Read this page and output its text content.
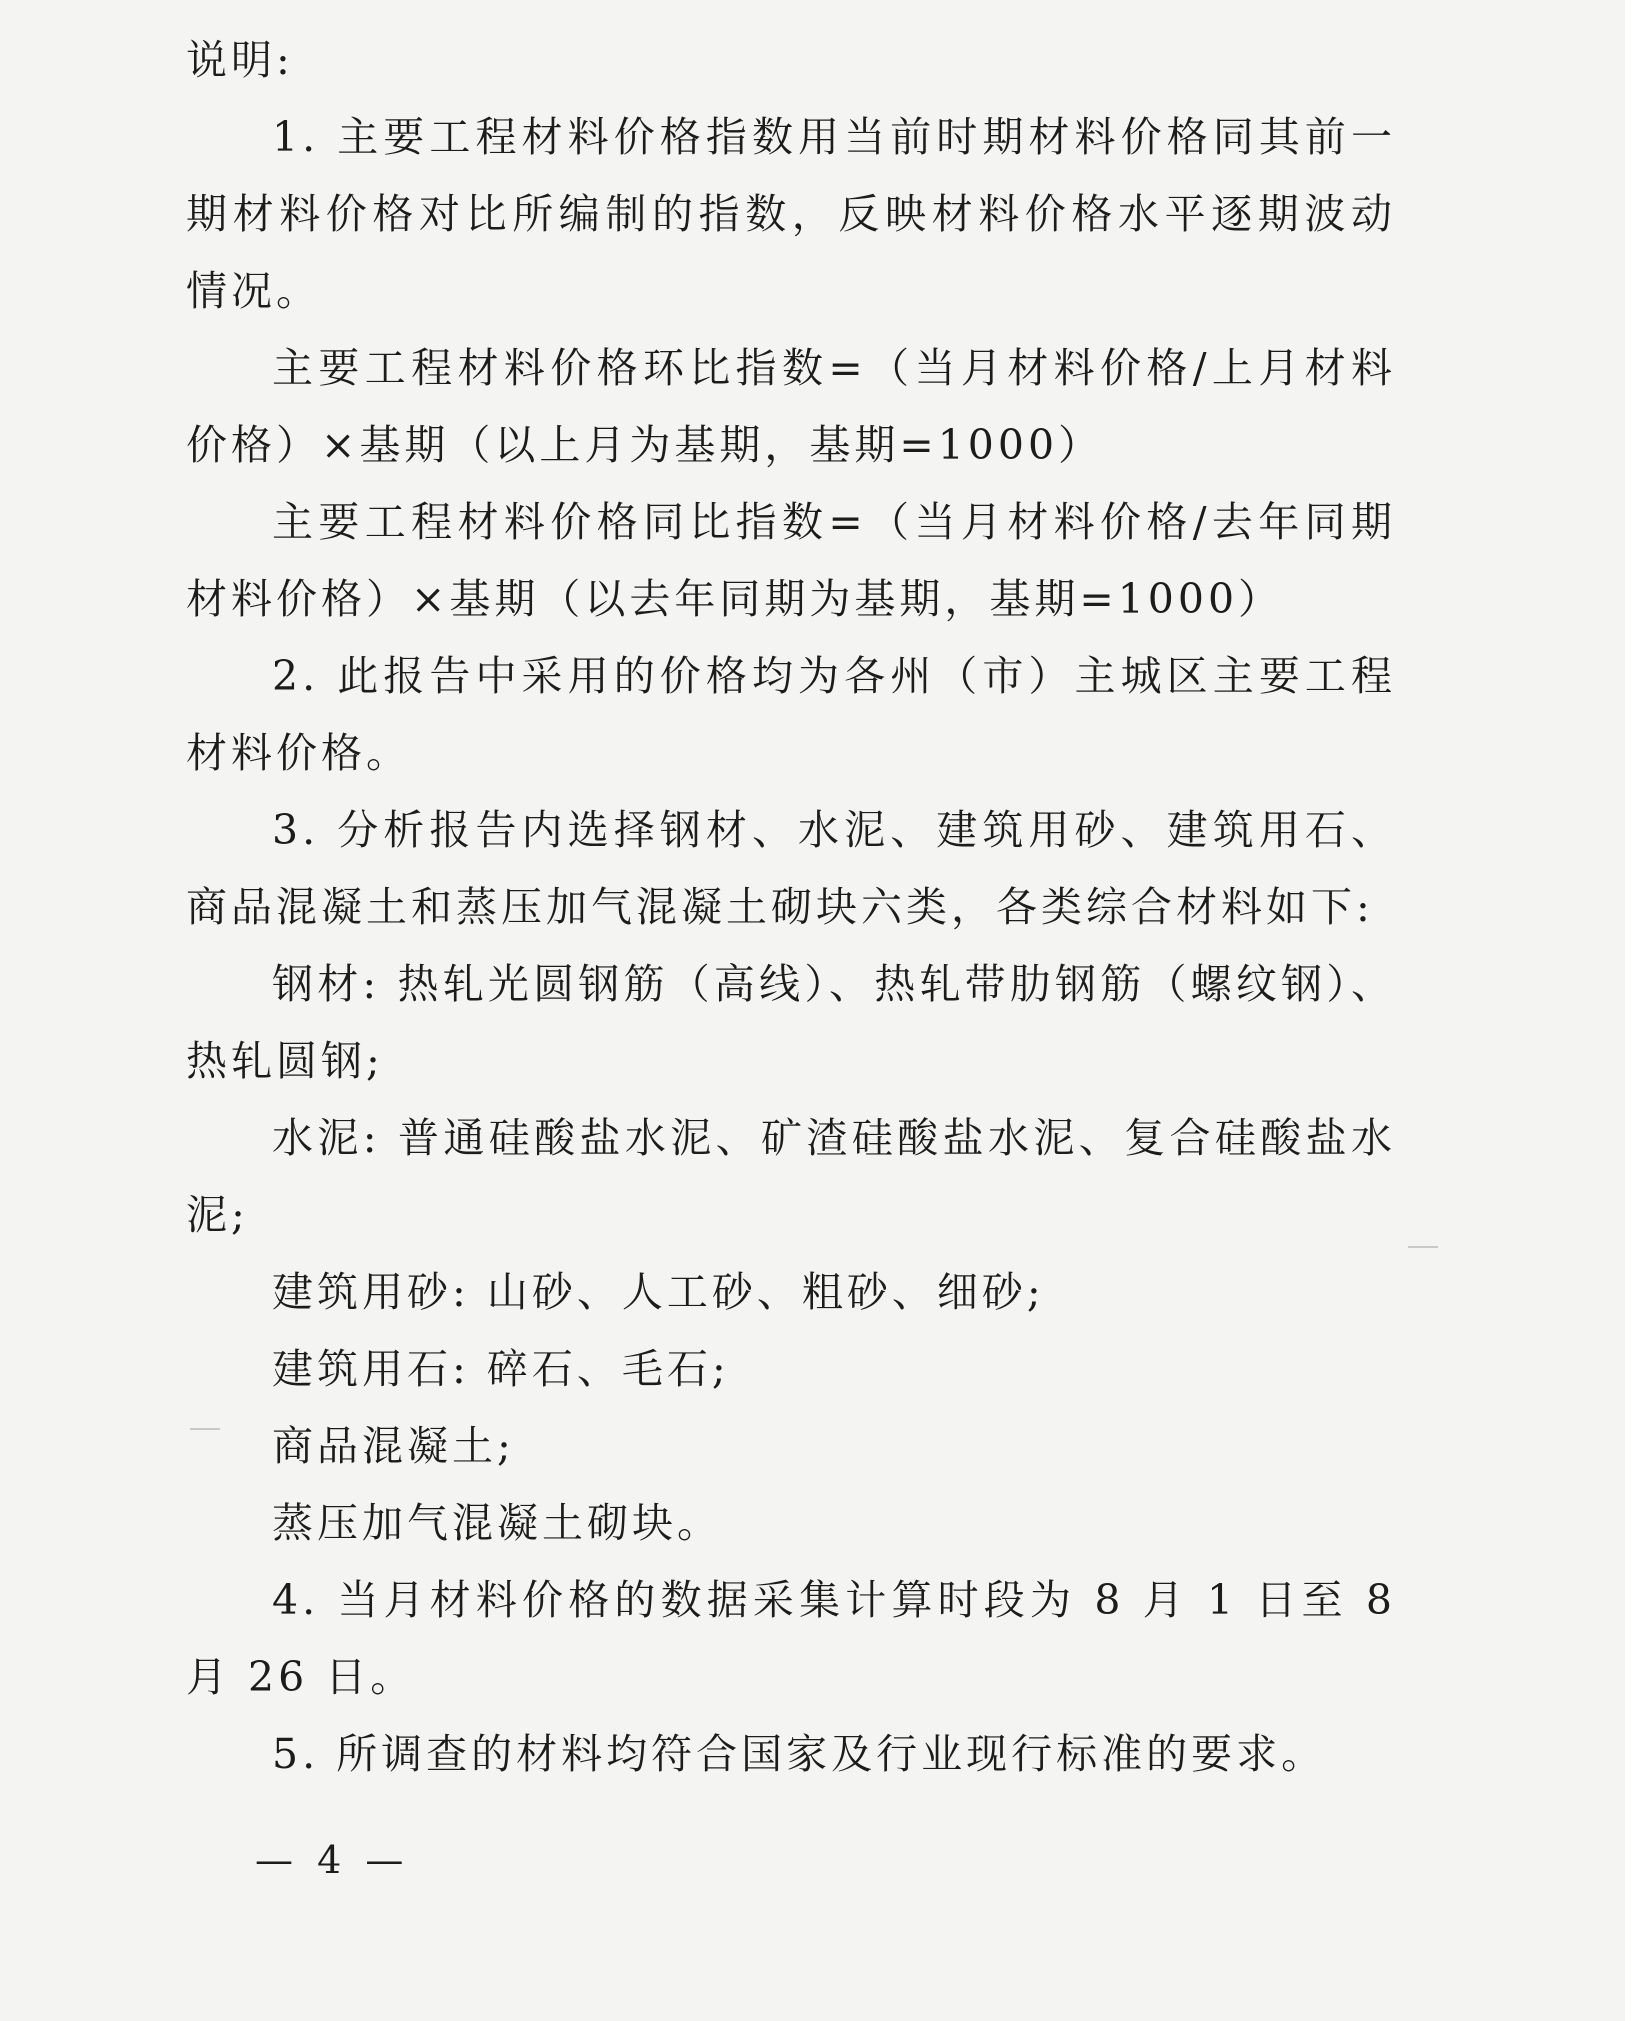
说明:

1. 主要工程材料价格指数用当前时期材料价格同其前一期材料价格对比所编制的指数，反映材料价格水平逐期波动情况。

主要工程材料价格环比指数=（当月材料价格/上月材料价格）×基期（以上月为基期，基期=1000）

主要工程材料价格同比指数=（当月材料价格/去年同期材料价格）×基期（以去年同期为基期，基期=1000）

2. 此报告中采用的价格均为各州（市）主城区主要工程材料价格。

3. 分析报告内选择钢材、水泥、建筑用砂、建筑用石、商品混凝土和蒸压加气混凝土砌块六类，各类综合材料如下:

钢材: 热轧光圆钢筋（高线）、热轧带肋钢筋（螺纹钢）、热轧圆钢;

水泥: 普通硅酸盐水泥、矿渣硅酸盐水泥、复合硅酸盐水泥;

建筑用砂: 山砂、人工砂、粗砂、细砂;

建筑用石: 碎石、毛石;

商品混凝土;

蒸压加气混凝土砌块。

4. 当月材料价格的数据采集计算时段为 8 月 1 日至 8 月 26 日。

5. 所调查的材料均符合国家及行业现行标准的要求。

— 4 —
